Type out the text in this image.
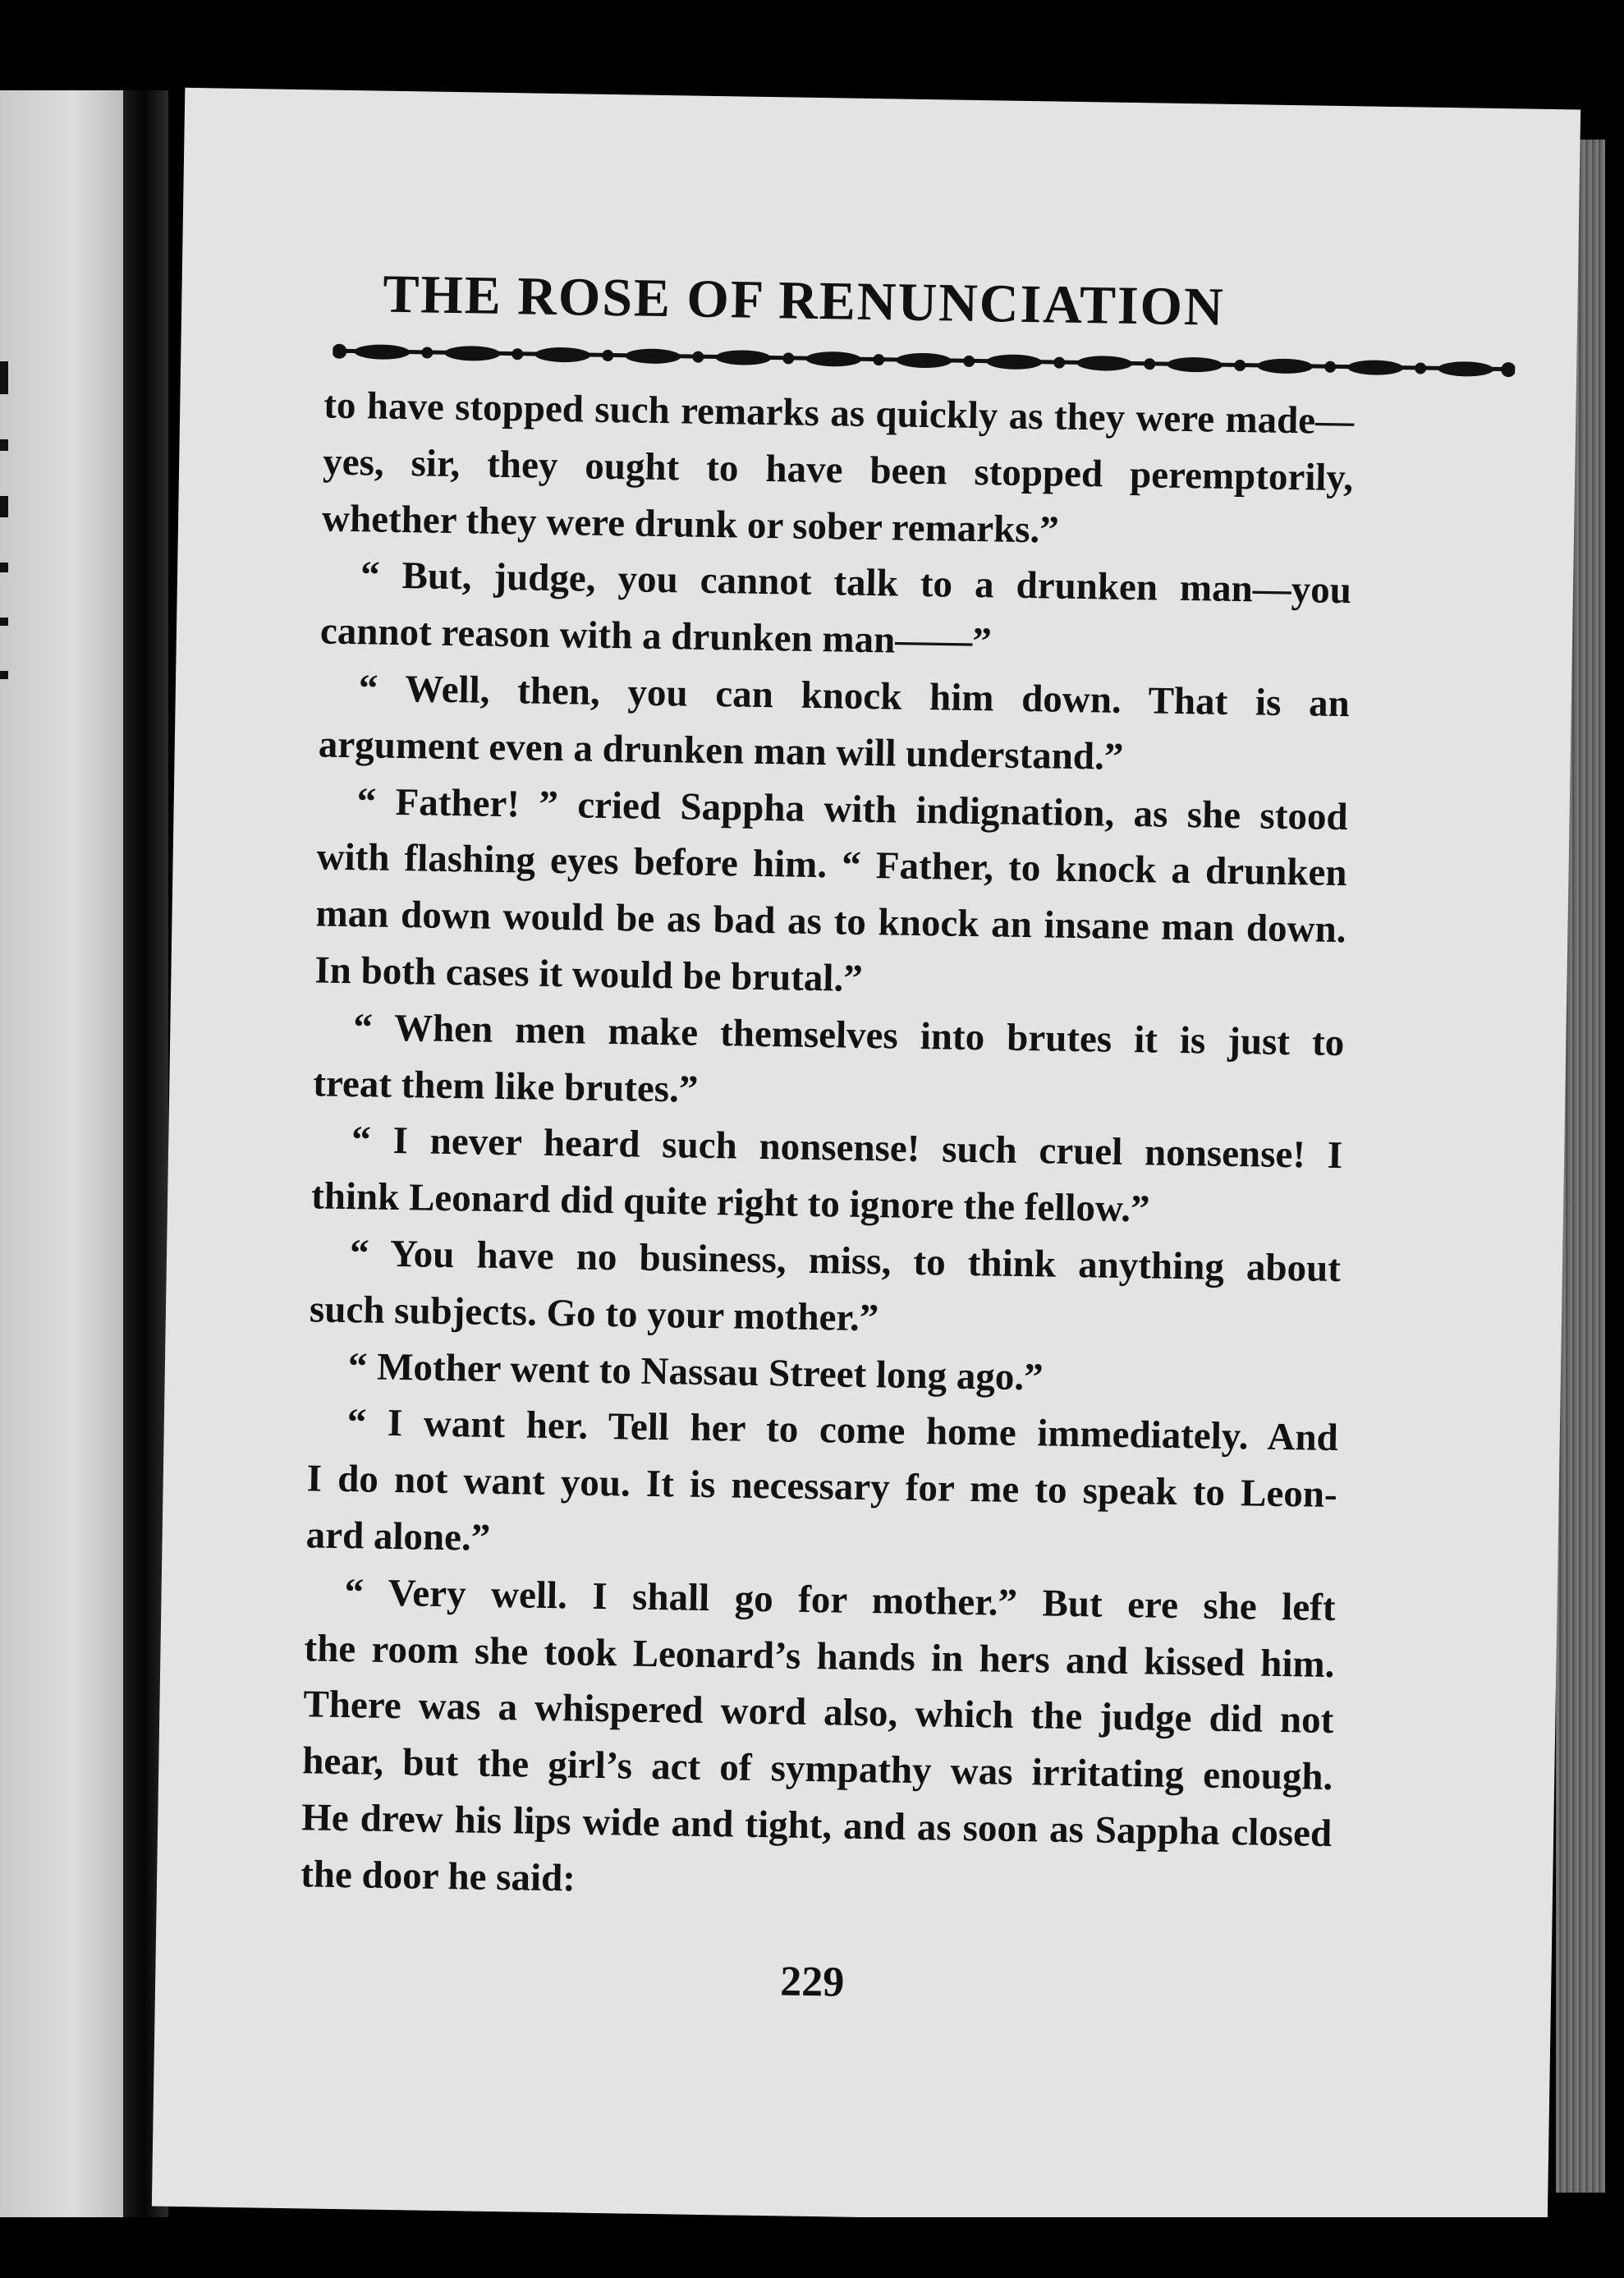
THE ROSE OF RENUNCIATION

to have stopped such remarks as quickly as they were made—
yes, sir, they ought to have been stopped peremptorily,
whether they were drunk or sober remarks.”

“ But, judge, you cannot talk to a drunken man—you
cannot reason with a drunken man——”

“ Well, then, you can knock him down. That is an
argument even a drunken man will understand.”

“ Father! ” cried Sappha with indignation, as she stood
with flashing eyes before him. “ Father, to knock a drunken
man down would be as bad as to knock an insane man down.
In both cases it would be brutal.”

“ When men make themselves into brutes it is just to
treat them like brutes.”

“ I never heard such nonsense! such cruel nonsense! I
think Leonard did quite right to ignore the fellow.”

“ You have no business, miss, to think anything about
such subjects. Go to your mother.”

“ Mother went to Nassau Street long ago.”

“ I want her. Tell her to come home immediately. And
I do not want you. It is necessary for me to speak to Leon-
ard alone.”

“ Very well. I shall go for mother.” But ere she left
the room she took Leonard’s hands in hers and kissed him.
There was a whispered word also, which the judge did not
hear, but the girl’s act of sympathy was irritating enough.
He drew his lips wide and tight, and as soon as Sappha closed
the door he said:

229
